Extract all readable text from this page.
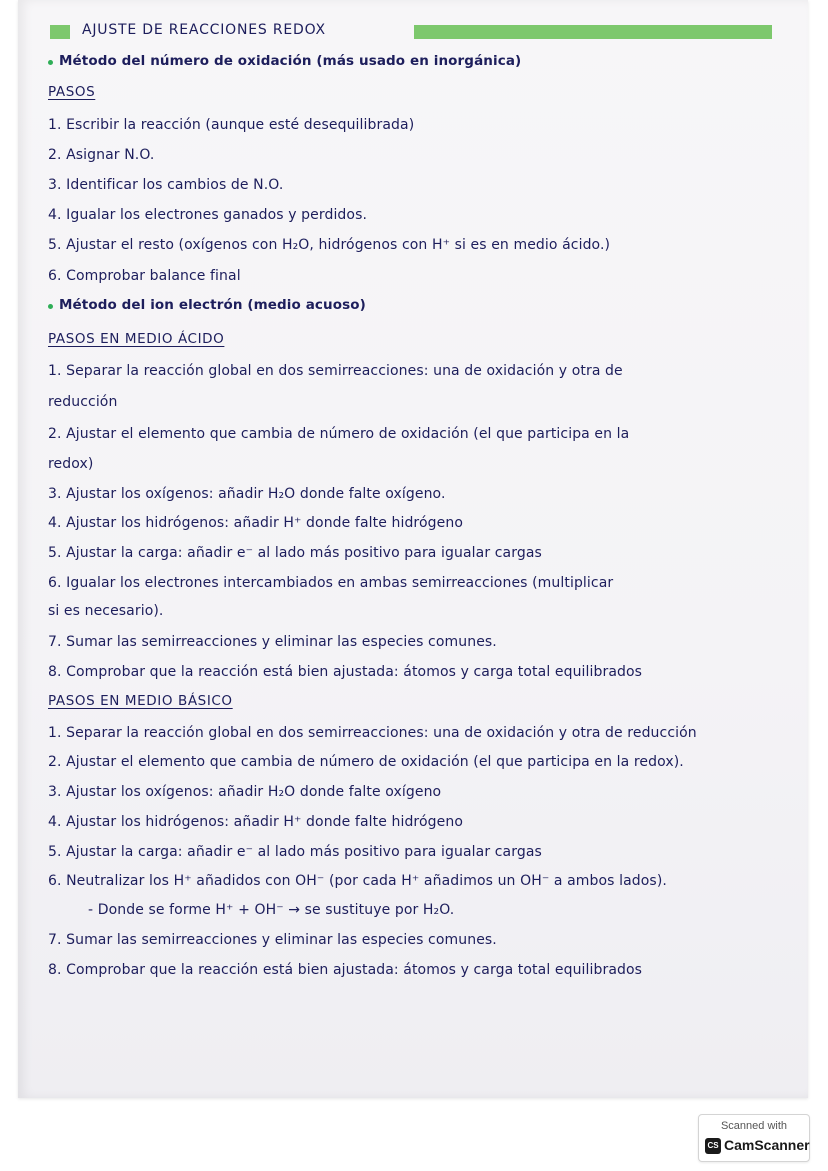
AJUSTE DE REACCIONES REDOX
Método del número de oxidación (más usado en inorgánica)
PASOS
1. Escribir la reacción (aunque esté desequilibrada)
2. Asignar N.O.
3. Identificar los cambios de N.O.
4. Igualar los electrones ganados y perdidos.
5. Ajustar el resto (oxígenos con H₂O, hidrógenos con H⁺ si es en medio ácido.)
6. Comprobar balance final
Método del ion electrón (medio acuoso)
PASOS EN MEDIO ÁCIDO
1. Separar la reacción global en dos semirreacciones: una de oxidación y otra de
reducción
2. Ajustar el elemento que cambia de número de oxidación (el que participa en la
redox)
3. Ajustar los oxígenos: añadir H₂O donde falte oxígeno.
4. Ajustar los hidrógenos: añadir H⁺ donde falte hidrógeno
5. Ajustar la carga: añadir e⁻ al lado más positivo para igualar cargas
6. Igualar los electrones intercambiados en ambas semirreacciones (multiplicar
si es necesario).
7. Sumar las semirreacciones y eliminar las especies comunes.
8. Comprobar que la reacción está bien ajustada: átomos y carga total equilibrados
PASOS EN MEDIO BÁSICO
1. Separar la reacción global en dos semirreacciones: una de oxidación y otra de reducción
2. Ajustar el elemento que cambia de número de oxidación (el que participa en la redox).
3. Ajustar los oxígenos: añadir H₂O donde falte oxígeno
4. Ajustar los hidrógenos: añadir H⁺ donde falte hidrógeno
5. Ajustar la carga: añadir e⁻ al lado más positivo para igualar cargas
6. Neutralizar los H⁺ añadidos con OH⁻ (por cada H⁺ añadimos un OH⁻ a ambos lados).
- Donde se forme H⁺ + OH⁻ → se sustituye por H₂O.
7. Sumar las semirreacciones y eliminar las especies comunes.
8. Comprobar que la reacción está bien ajustada: átomos y carga total equilibrados
Scanned with
CS CamScanner
